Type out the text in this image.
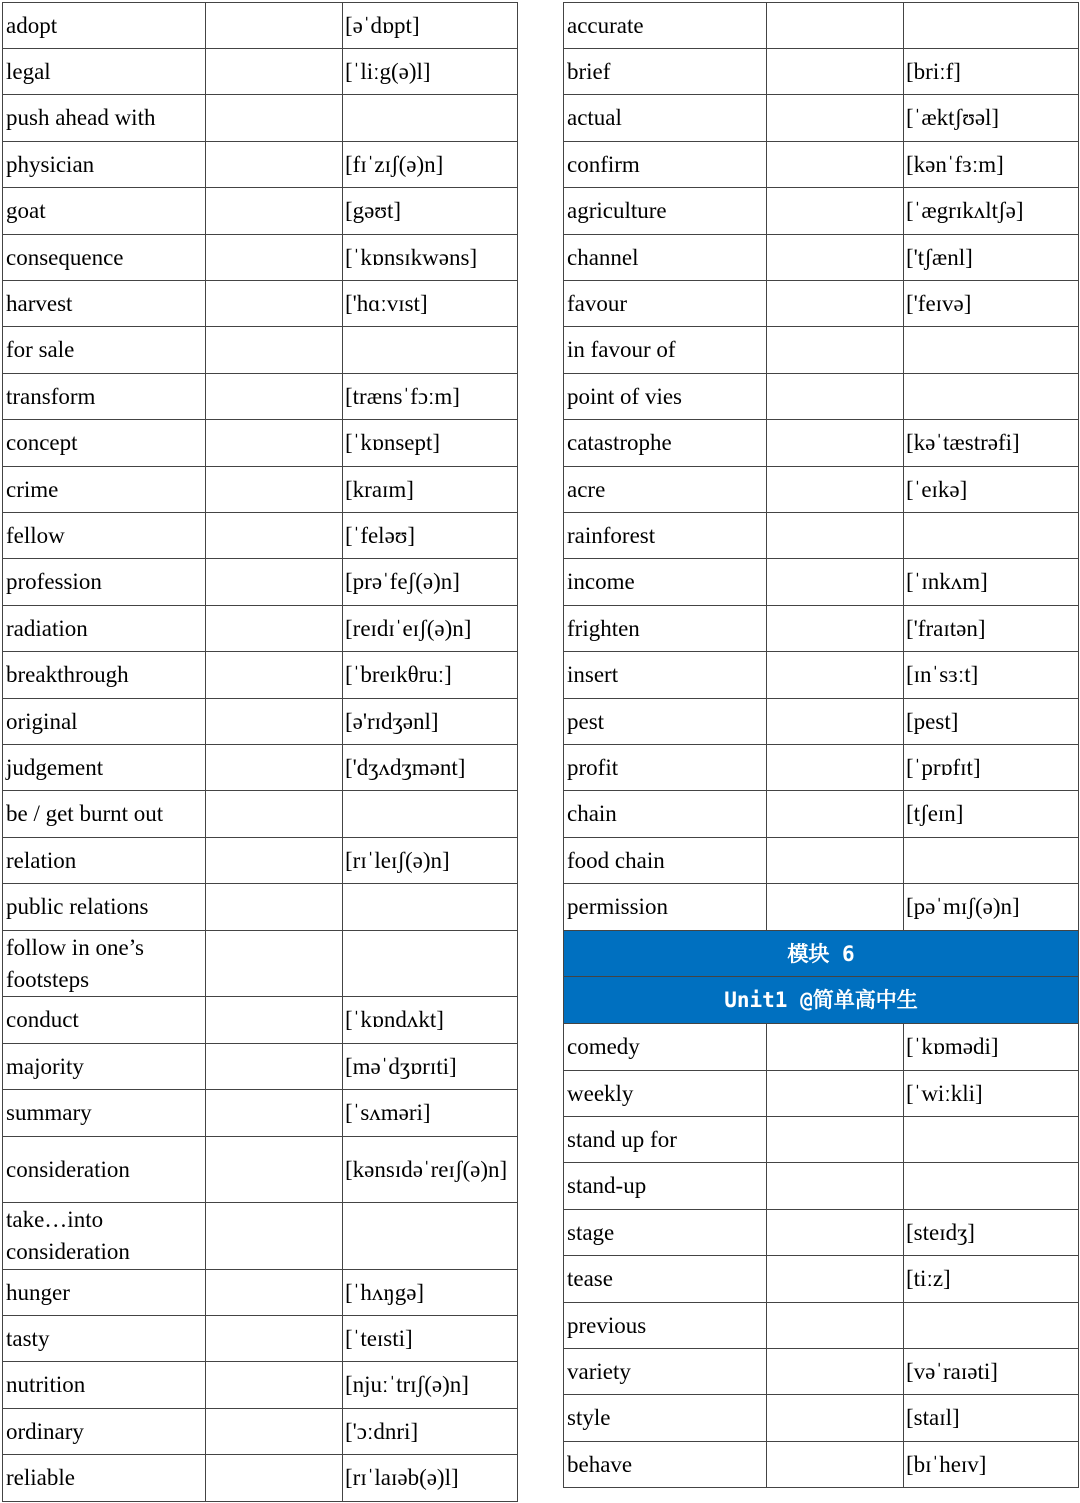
adopt		[əˈdɒpt]
legal		[ˈliːg(ə)l]
push ahead with		
physician		[fɪˈzɪʃ(ə)n]
goat		[gəʊt]
consequence		[ˈkɒnsɪkwəns]
harvest		['hɑːvɪst]
for sale		
transform		[trænsˈfɔːm]
concept		[ˈkɒnsept]
crime		[kraɪm]
fellow		[ˈfeləʊ]
profession		[prəˈfeʃ(ə)n]
radiation		[reɪdɪˈeɪʃ(ə)n]
breakthrough		[ˈbreɪkθruː]
original		[ə'rɪdʒənl]
judgement		['dʒʌdʒmənt]
be / get burnt out		
relation		[rɪˈleɪʃ(ə)n]
public relations		
follow in one’s footsteps		
conduct		[ˈkɒndʌkt]
majority		[məˈdʒɒrɪti]
summary		[ˈsʌməri]
consideration		[kənsɪdəˈreɪʃ(ə)n]
take…into consideration		
hunger		[ˈhʌŋgə]
tasty		[ˈteɪsti]
nutrition		[njuːˈtrɪʃ(ə)n]
ordinary		['ɔːdnri]
reliable		[rɪˈlaɪəb(ə)l]
accurate		
brief		[briːf]
actual		[ˈæktʃʊəl]
confirm		[kənˈfɜːm]
agriculture		[ˈægrɪkʌltʃə]
channel		['tʃænl]
favour		['feɪvə]
in favour of		
point of vies		
catastrophe		[kəˈtæstrəfi]
acre		[ˈeɪkə]
rainforest		
income		[ˈɪnkʌm]
frighten		['fraɪtən]
insert		[ɪnˈsɜːt]
pest		[pest]
profit		[ˈprɒfɪt]
chain		[tʃeɪn]
food chain		
permission		[pəˈmɪʃ(ə)n]
模块 6		
Unit1 @简单高中生		
comedy		[ˈkɒmədi]
weekly		[ˈwiːkli]
stand up for		
stand-up		
stage		[steɪdʒ]
tease		[tiːz]
previous		
variety		[vəˈraɪəti]
style		[staɪl]
behave		[bɪˈheɪv]
